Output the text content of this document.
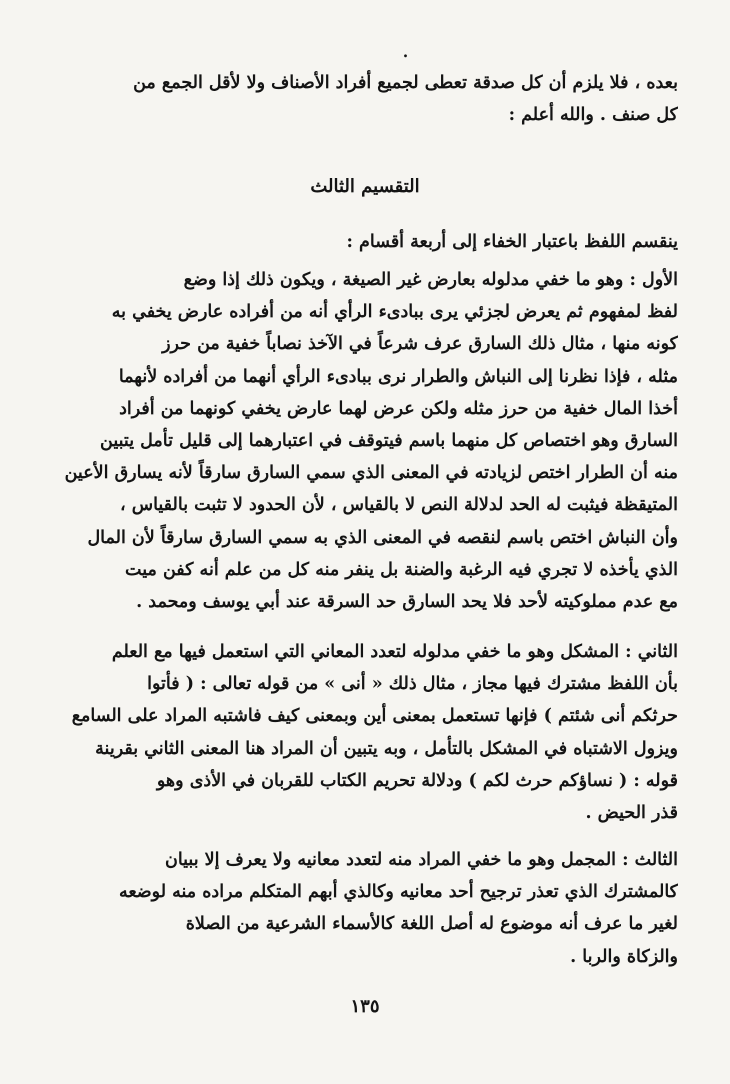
.
بعده ، فلا يلزم أن كل صدقة تعطى لجميع أفراد الأصناف ولا لأقل الجمع من
كل صنف . والله أعلم :
التقسيم الثالث
ينقسم اللفظ باعتبار الخفاء إلى أربعة أقسام :
الأول : وهو ما خفي مدلوله بعارض غير الصيغة ، ويكون ذلك إذا وضع
لفظ لمفهوم ثم يعرض لجزئي يرى ببادىء الرأي أنه من أفراده عارض يخفي به
كونه منها ، مثال ذلك السارق عرف شرعاً في الآخذ نصاباً خفية من حرز
مثله ، فإذا نظرنا إلى النباش والطرار نرى ببادىء الرأي أنهما من أفراده لأنهما
أخذا المال خفية من حرز مثله ولكن عرض لهما عارض يخفي كونهما من أفراد
السارق وهو اختصاص كل منهما باسم فيتوقف في اعتبارهما إلى قليل تأمل يتبين
منه أن الطرار اختص لزيادته في المعنى الذي سمي السارق سارقاً لأنه يسارق الأعين
المتيقظة فيثبت له الحد لدلالة النص لا بالقياس ، لأن الحدود لا تثبت بالقياس ،
وأن النباش اختص باسم لنقصه في المعنى الذي به سمي السارق سارقاً لأن المال
الذي يأخذه لا تجري فيه الرغبة والضنة بل ينفر منه كل من علم أنه كفن ميت
مع عدم مملوكيته لأحد فلا يحد السارق حد السرقة عند أبي يوسف ومحمد .
الثاني : المشكل وهو ما خفي مدلوله لتعدد المعاني التي استعمل فيها مع العلم
بأن اللفظ مشترك فيها مجاز ، مثال ذلك « أنى » من قوله تعالى : ( فأتوا
حرثكم أنى شئتم ) فإنها تستعمل بمعنى أين وبمعنى كيف فاشتبه المراد على السامع
ويزول الاشتباه في المشكل بالتأمل ، وبه يتبين أن المراد هنا المعنى الثاني بقرينة
قوله : ( نساؤكم حرث لكم ) ودلالة تحريم الكتاب للقربان في الأذى وهو
قذر الحيض .
الثالث : المجمل وهو ما خفي المراد منه لتعدد معانيه ولا يعرف إلا ببيان
كالمشترك الذي تعذر ترجيح أحد معانيه وكالذي أبهم المتكلم مراده منه لوضعه
لغير ما عرف أنه موضوع له أصل اللغة كالأسماء الشرعية من الصلاة
والزكاة والربا .
١٣٥
